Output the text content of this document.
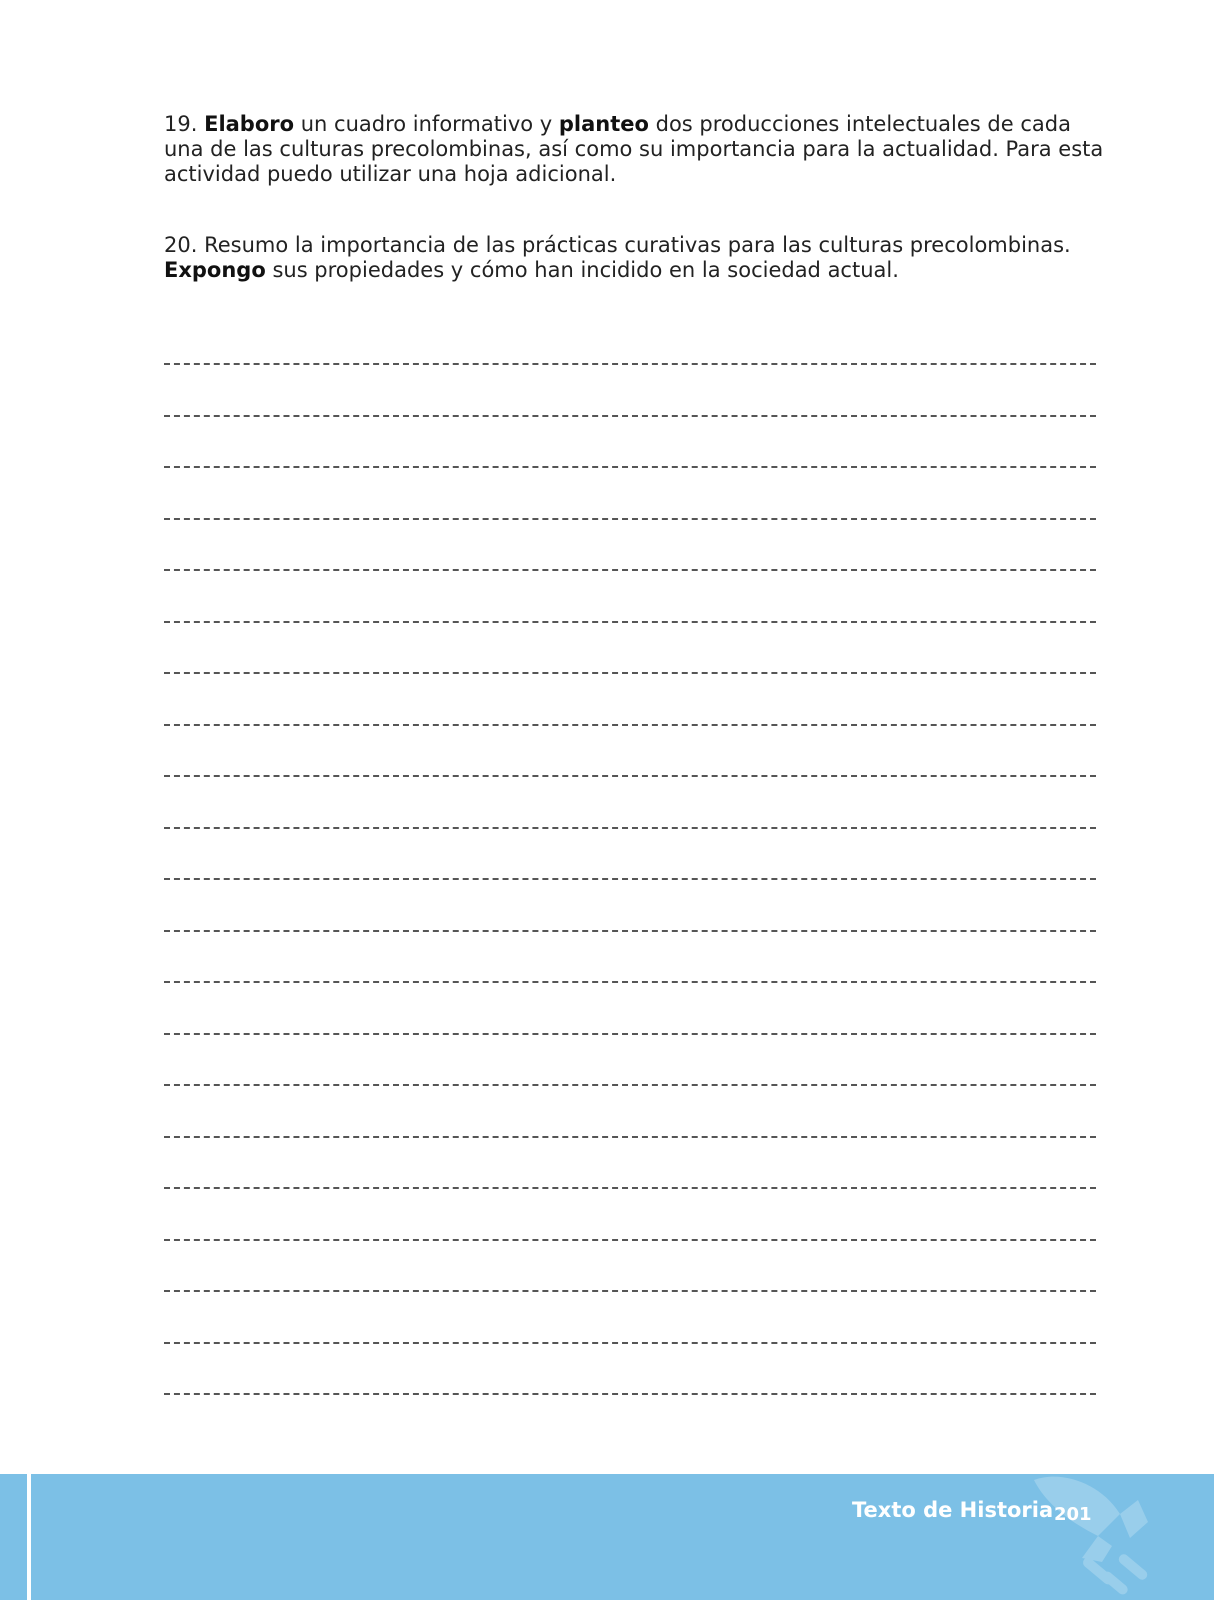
19. Elaboro un cuadro informativo y planteo dos producciones intelectuales de cada una de las culturas precolombinas, así como su importancia para la actualidad. Para esta actividad puedo utilizar una hoja adicional.

20. Resumo la importancia de las prácticas curativas para las culturas precolombinas. Expongo sus propiedades y cómo han incidido en la sociedad actual.

Texto de Historia 201
